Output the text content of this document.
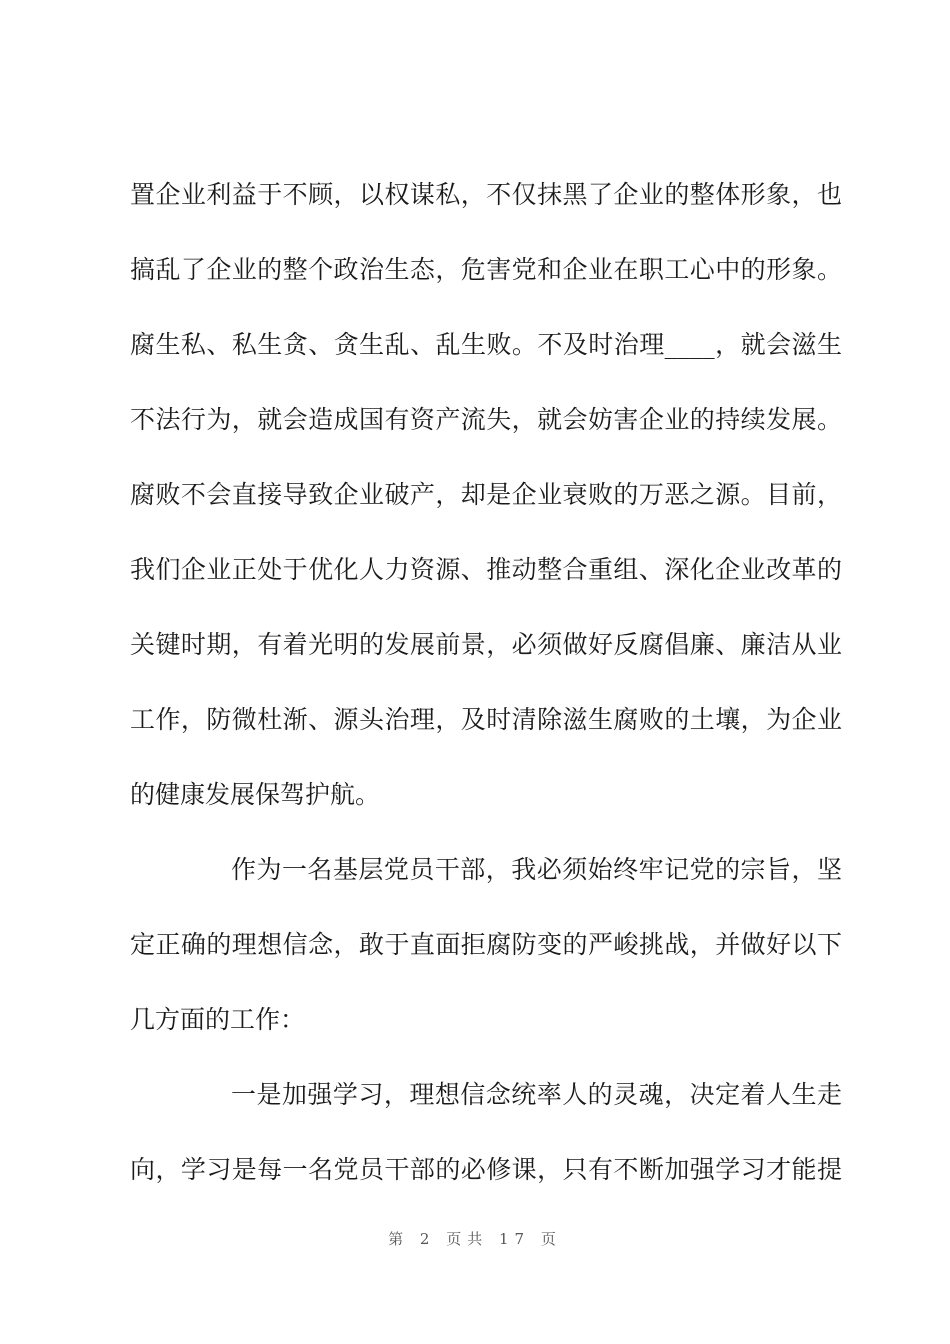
置企业利益于不顾，以权谋私，不仅抹黑了企业的整体形象，也
搞乱了企业的整个政治生态，危害党和企业在职工心中的形象。
腐生私、私生贪、贪生乱、乱生败。不及时治理____，就会滋生
不法行为，就会造成国有资产流失，就会妨害企业的持续发展。
腐败不会直接导致企业破产，却是企业衰败的万恶之源。目前，
我们企业正处于优化人力资源、推动整合重组、深化企业改革的
关键时期，有着光明的发展前景，必须做好反腐倡廉、廉洁从业
工作，防微杜渐、源头治理，及时清除滋生腐败的土壤，为企业
的健康发展保驾护航。
作为一名基层党员干部，我必须始终牢记党的宗旨，坚
定正确的理想信念，敢于直面拒腐防变的严峻挑战，并做好以下
几方面的工作：
一是加强学习，理想信念统率人的灵魂，决定着人生走
向，学习是每一名党员干部的必修课，只有不断加强学习才能提
第 2 页共 17 页
